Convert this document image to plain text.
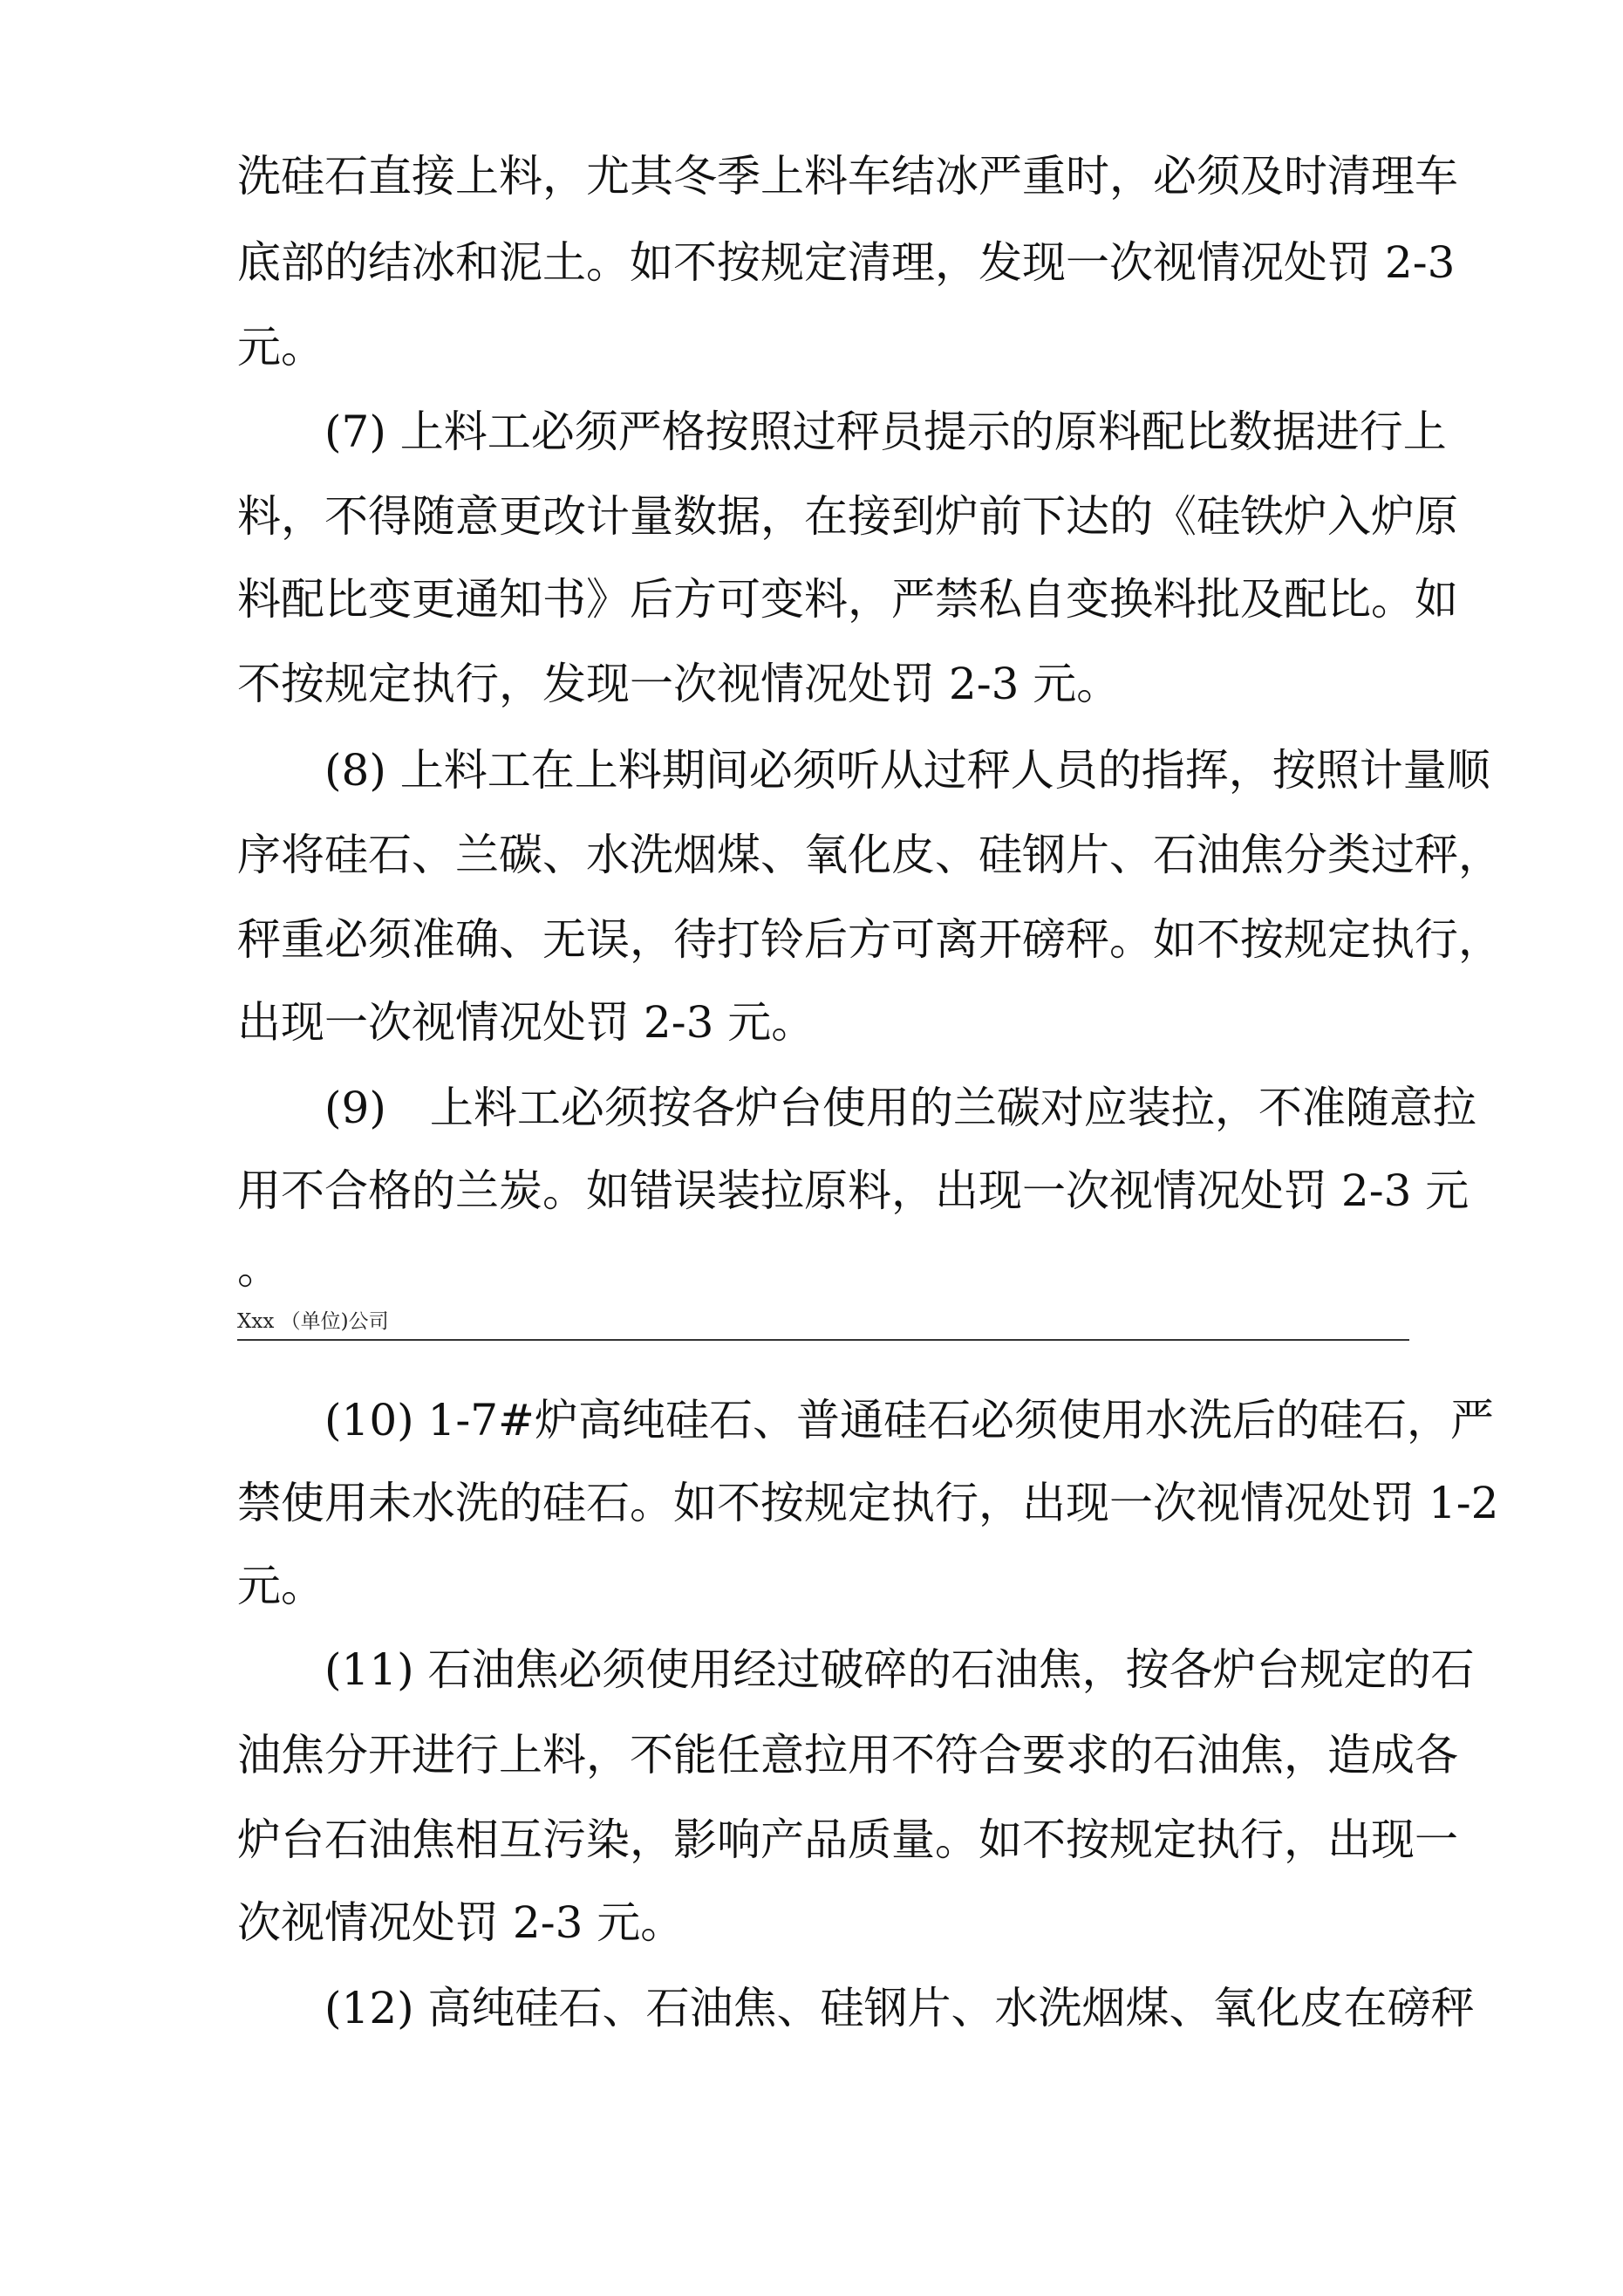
洗硅石直接上料，尤其冬季上料车结冰严重时，必须及时清理车

底部的结冰和泥土。如不按规定清理，发现一次视情况处罚 2-3

元。

(7) 上料工必须严格按照过秤员提示的原料配比数据进行上

料，不得随意更改计量数据，在接到炉前下达的《硅铁炉入炉原

料配比变更通知书》后方可变料，严禁私自变换料批及配比。如

不按规定执行，发现一次视情况处罚 2-3 元。

(8) 上料工在上料期间必须听从过秤人员的指挥，按照计量顺

序将硅石、兰碳、水洗烟煤、氧化皮、硅钢片、石油焦分类过秤，

秤重必须准确、无误，待打铃后方可离开磅秤。如不按规定执行，

出现一次视情况处罚 2-3 元。

(9)　上料工必须按各炉台使用的兰碳对应装拉，不准随意拉

用不合格的兰炭。如错误装拉原料，出现一次视情况处罚 2-3 元

。

Xxx （单位)公司

(10) 1-7#炉高纯硅石、普通硅石必须使用水洗后的硅石，严

禁使用未水洗的硅石。如不按规定执行，出现一次视情况处罚 1-2

元。

(11) 石油焦必须使用经过破碎的石油焦，按各炉台规定的石

油焦分开进行上料，不能任意拉用不符合要求的石油焦，造成各

炉台石油焦相互污染，影响产品质量。如不按规定执行，出现一

次视情况处罚 2-3 元。

(12) 高纯硅石、石油焦、硅钢片、水洗烟煤、氧化皮在磅秤
